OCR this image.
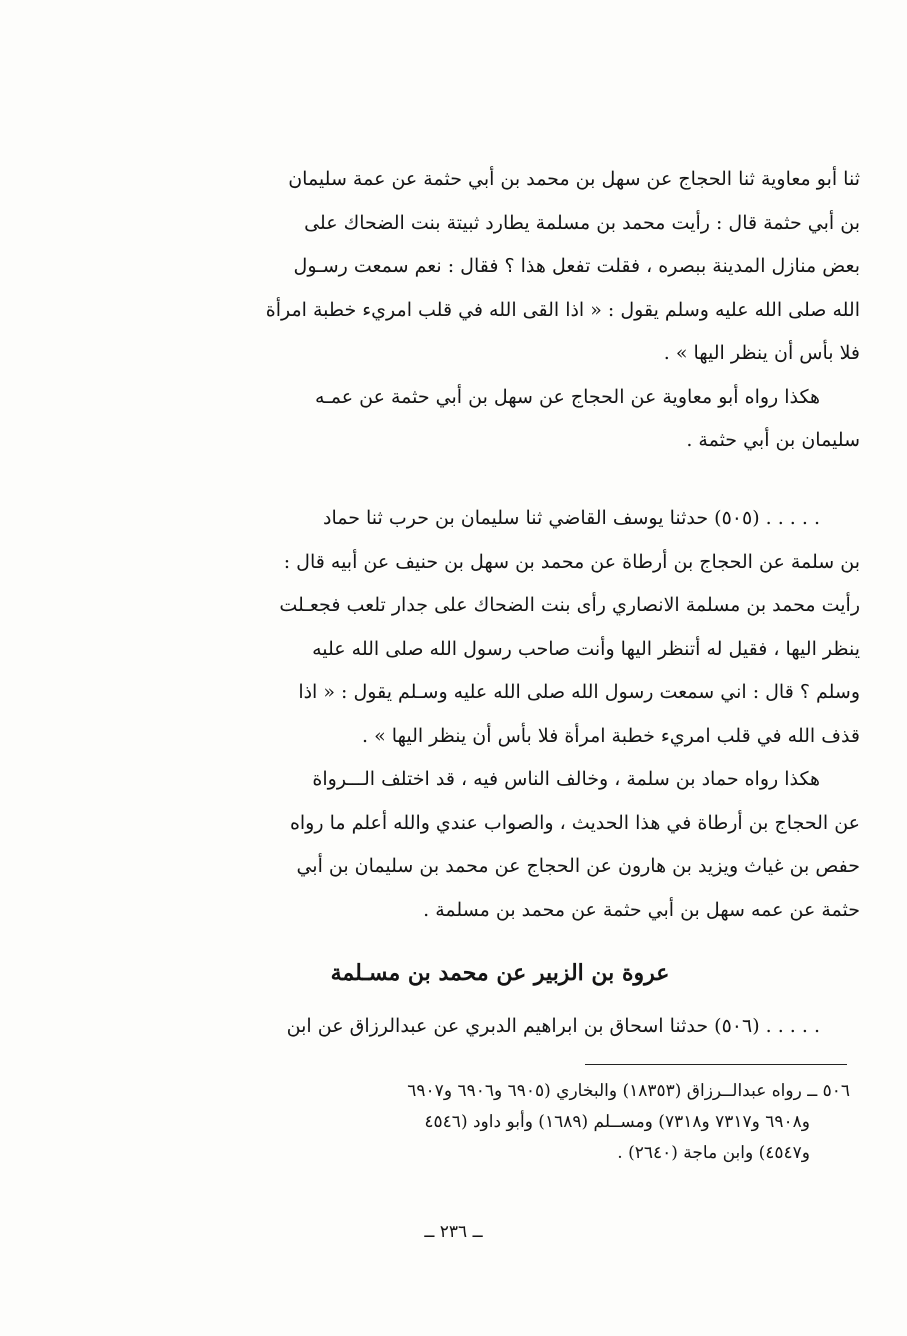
ثنا أبو معاوية ثنا الحجاج عن سهل بن محمد بن أبي حثمة عن عمة سليمان
بن أبي حثمة قال : رأيت محمد بن مسلمة يطارد ثبيتة بنت الضحاك على
بعض منازل المدينة ببصره ، فقلت تفعل هذا ؟ فقال : نعم سمعت رسـول
الله صلى الله عليه وسلم يقول : « اذا القى الله في قلب امريء خطبة امرأة
فلا بأس أن ينظر اليها » .
هكذا رواه أبو معاوية عن الحجاج عن سهل بن أبي حثمة عن عمـه
سليمان بن أبي حثمة .
. . . . . (٥٠٥) حدثنا يوسف القاضي ثنا سليمان بن حرب ثنا حماد
بن سلمة عن الحجاج بن أرطاة عن محمد بن سهل بن حنيف عن أبيه قال :
رأيت محمد بن مسلمة الانصاري رأى بنت الضحاك على جدار تلعب فجعـلت
ينظر اليها ، فقيل له أتنظر اليها وأنت صاحب رسول الله صلى الله عليه
وسلم ؟ قال : اني سمعت رسول الله صلى الله عليه وسـلم يقول : « اذا
قذف الله في قلب امريء خطبة امرأة فلا بأس أن ينظر اليها » .
هكذا رواه حماد بن سلمة ، وخالف الناس فيه ، قد اختلف الـــرواة
عن الحجاج بن أرطاة في هذا الحديث ، والصواب عندي والله أعلم ما رواه
حفص بن غياث ويزيد بن هارون عن الحجاج عن محمد بن سليمان بن أبي
حثمة عن عمه سهل بن أبي حثمة عن محمد بن مسلمة .
عروة بن الزبير عن محمد بن مسـلمة
. . . . . (٥٠٦) حدثنا اسحاق بن ابراهيم الدبري عن عبدالرزاق عن ابن
٥٠٦ ــ رواه عبدالــرزاق (١٨٣٥٣) والبخاري (٦٩٠٥ و٦٩٠٦ و٦٩٠٧
و٦٩٠٨ و٧٣١٧ و٧٣١٨) ومســلم (١٦٨٩) وأبو داود (٤٥٤٦
و٤٥٤٧) وابن ماجة (٢٦٤٠) .
ــ ٢٣٦ ــ
